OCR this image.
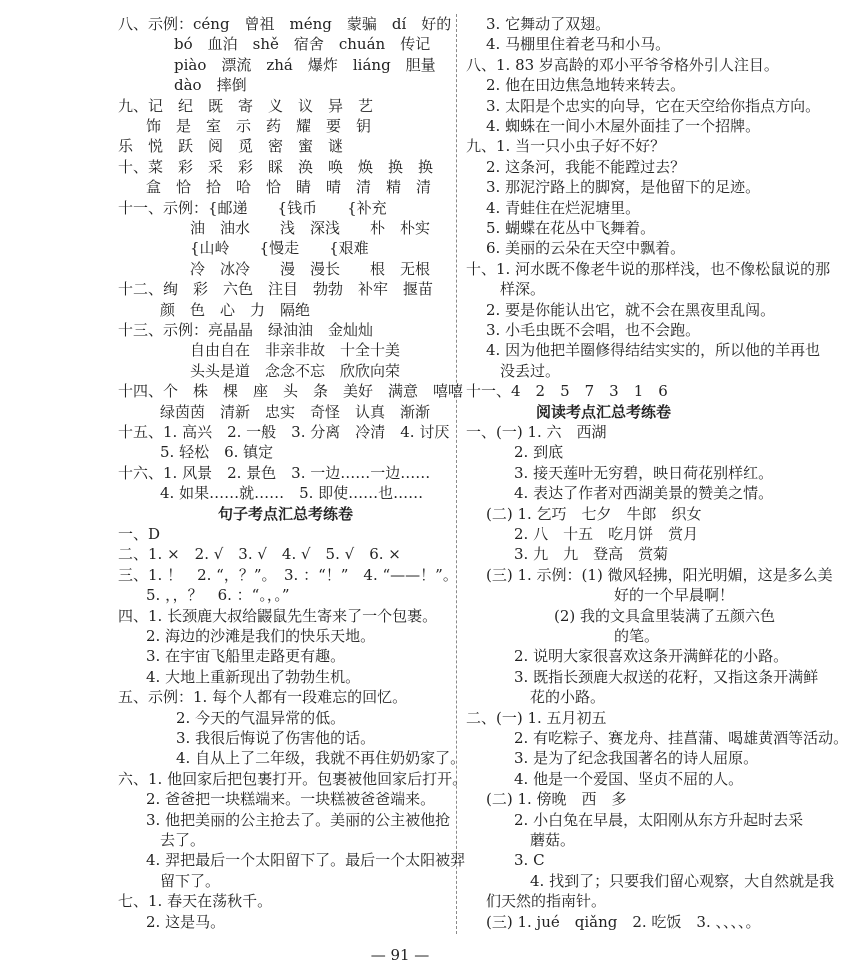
八、示例：céng　曾祖　méng　蒙骗　dí　好的
bó　血泊　shě　宿舍　chuán　传记
piào　漂流　zhá　爆炸　liáng　胆量
dào　摔倒
九、记　纪　既　寄　义　议　异　艺
饰　是　室　示　药　耀　要　钥
乐　悦　跃　阅　觅　密　蜜　谜
十、菜　彩　采　彩　睬　涣　唤　焕　换　换
盒　恰　拾　哈　恰　睛　晴　清　精　清
十一、示例：{邮递　　{钱币　　{补充
油　油水　　浅　深浅　　朴　朴实
{山岭　　{慢走　　{艰难
冷　冰冷　　漫　漫长　　根　无根
十二、绚　彩　六色　注目　勃勃　补牢　揠苗
颜　色　心　力　隔绝
十三、示例：亮晶晶　绿油油　金灿灿
自由自在　非亲非故　十全十美
头头是道　念念不忘　欣欣向荣
十四、个　株　棵　座　头　条　美好　满意　嘻嘻
绿茵茵　清新　忠实　奇怪　认真　渐渐
十五、1. 高兴　2. 一般　3. 分离　冷清　4. 讨厌
5. 轻松　6. 镇定
十六、1. 风景　2. 景色　3. 一边……一边……
4. 如果……就……　5. 即使……也……
句子考点汇总考练卷
一、D
二、1. ×　2. √　3. √　4. √　5. √　6. ×
三、1. ！　2. “，？”。　3. ：“！”　4. “——！”。
5. ，，？　6. ：“。，。”
四、1. 长颈鹿大叔给鼹鼠先生寄来了一个包裹。
2. 海边的沙滩是我们的快乐天地。
3. 在宇宙飞船里走路更有趣。
4. 大地上重新现出了勃勃生机。
五、示例：1. 每个人都有一段难忘的回忆。
2. 今天的气温异常的低。
3. 我很后悔说了伤害他的话。
4. 自从上了二年级，我就不再住奶奶家了。
六、1. 他回家后把包裹打开。包裹被他回家后打开。
2. 爸爸把一块糕端来。一块糕被爸爸端来。
3. 他把美丽的公主抢去了。美丽的公主被他抢
去了。
4. 羿把最后一个太阳留下了。最后一个太阳被羿
留下了。
七、1. 春天在荡秋千。
2. 这是马。
3. 它舞动了双翅。
4. 马棚里住着老马和小马。
八、1. 83 岁高龄的邓小平爷爷格外引人注目。
2. 他在田边焦急地转来转去。
3. 太阳是个忠实的向导，它在天空给你指点方向。
4. 蜘蛛在一间小木屋外面挂了一个招牌。
九、1. 当一只小虫子好不好？
2. 这条河，我能不能蹚过去？
3. 那泥泞路上的脚窝，是他留下的足迹。
4. 青蛙住在烂泥塘里。
5. 蝴蝶在花丛中飞舞着。
6. 美丽的云朵在天空中飘着。
十、1. 河水既不像老牛说的那样浅，也不像松鼠说的那
样深。
2. 要是你能认出它，就不会在黑夜里乱闯。
3. 小毛虫既不会唱，也不会跑。
4. 因为他把羊圈修得结结实实的，所以他的羊再也
没丢过。
十一、4　2　5　7　3　1　6
阅读考点汇总考练卷
一、(一) 1. 六　西湖
2. 到底
3. 接天莲叶无穷碧，映日荷花别样红。
4. 表达了作者对西湖美景的赞美之情。
(二) 1. 乞巧　七夕　牛郎　织女
2. 八　十五　吃月饼　赏月
3. 九　九　登高　赏菊
(三) 1. 示例：(1) 微风轻拂，阳光明媚，这是多么美
好的一个早晨啊！
(2) 我的文具盒里装满了五颜六色
的笔。
2. 说明大家很喜欢这条开满鲜花的小路。
3. 既指长颈鹿大叔送的花籽，又指这条开满鲜
花的小路。
二、(一) 1. 五月初五
2. 有吃粽子、赛龙舟、挂菖蒲、喝雄黄酒等活动。
3. 是为了纪念我国著名的诗人屈原。
4. 他是一个爱国、坚贞不屈的人。
(二) 1. 傍晚　西　多
2. 小白兔在早晨，太阳刚从东方升起时去采
蘑菇。
3. C
4. 找到了；只要我们留心观察，大自然就是我
们天然的指南针。
(三) 1. jué　qiǎng　2. 吃饭　3. 、、、、。
— 91 —
